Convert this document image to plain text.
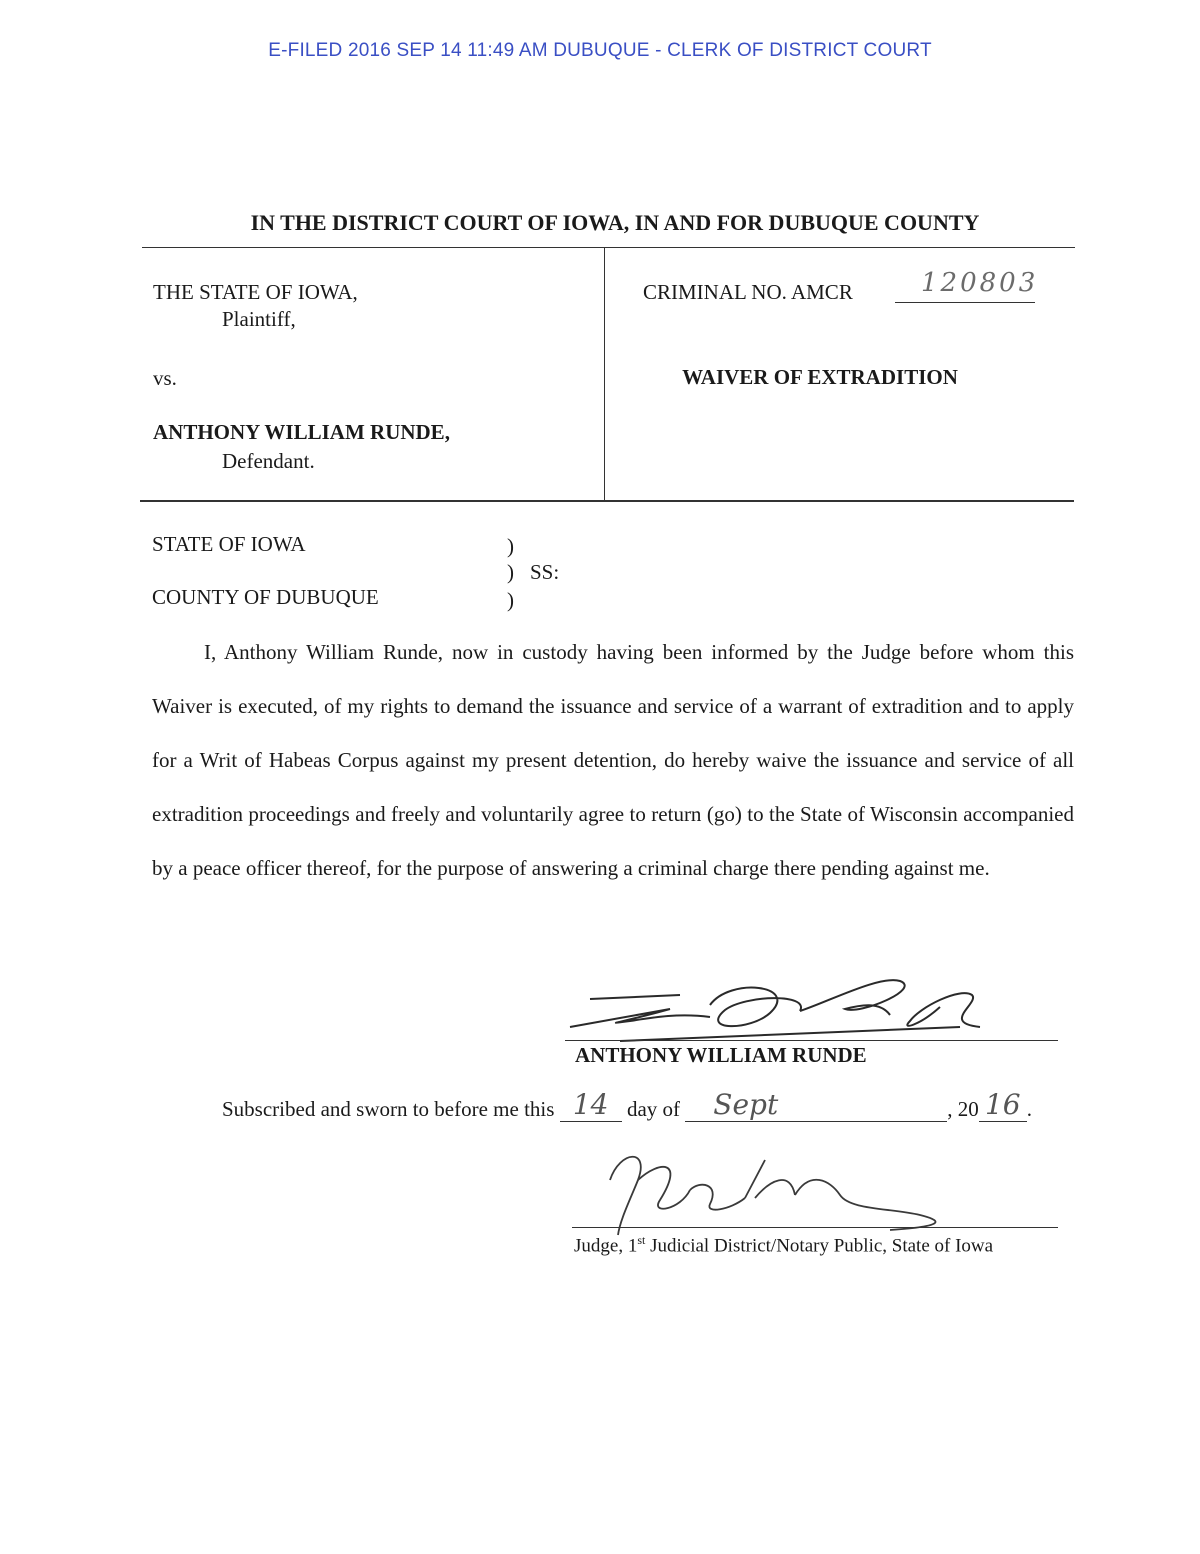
E-FILED 2016 SEP 14 11:49 AM DUBUQUE - CLERK OF DISTRICT COURT
IN THE DISTRICT COURT OF IOWA, IN AND FOR DUBUQUE COUNTY
THE STATE OF IOWA,
Plaintiff,
vs.
ANTHONY WILLIAM RUNDE,
Defendant.
CRIMINAL NO. AMCR	120803
WAIVER OF EXTRADITION
STATE OF IOWA	)
) SS:
)
COUNTY OF DUBUQUE

I, Anthony William Runde, now in custody having been informed by the Judge before whom this Waiver is executed, of my rights to demand the issuance and service of a warrant of extradition and to apply for a Writ of Habeas Corpus against my present detention, do hereby waive the issuance and service of all extradition proceedings and freely and voluntarily agree to return (go) to the State of Wisconsin accompanied by a peace officer thereof, for the purpose of answering a criminal charge there pending against me.

ANTHONY WILLIAM RUNDE
Subscribed and sworn to before me this 14 day of Sept	, 20 16 .
Judge, 1st Judicial District/Notary Public, State of Iowa
